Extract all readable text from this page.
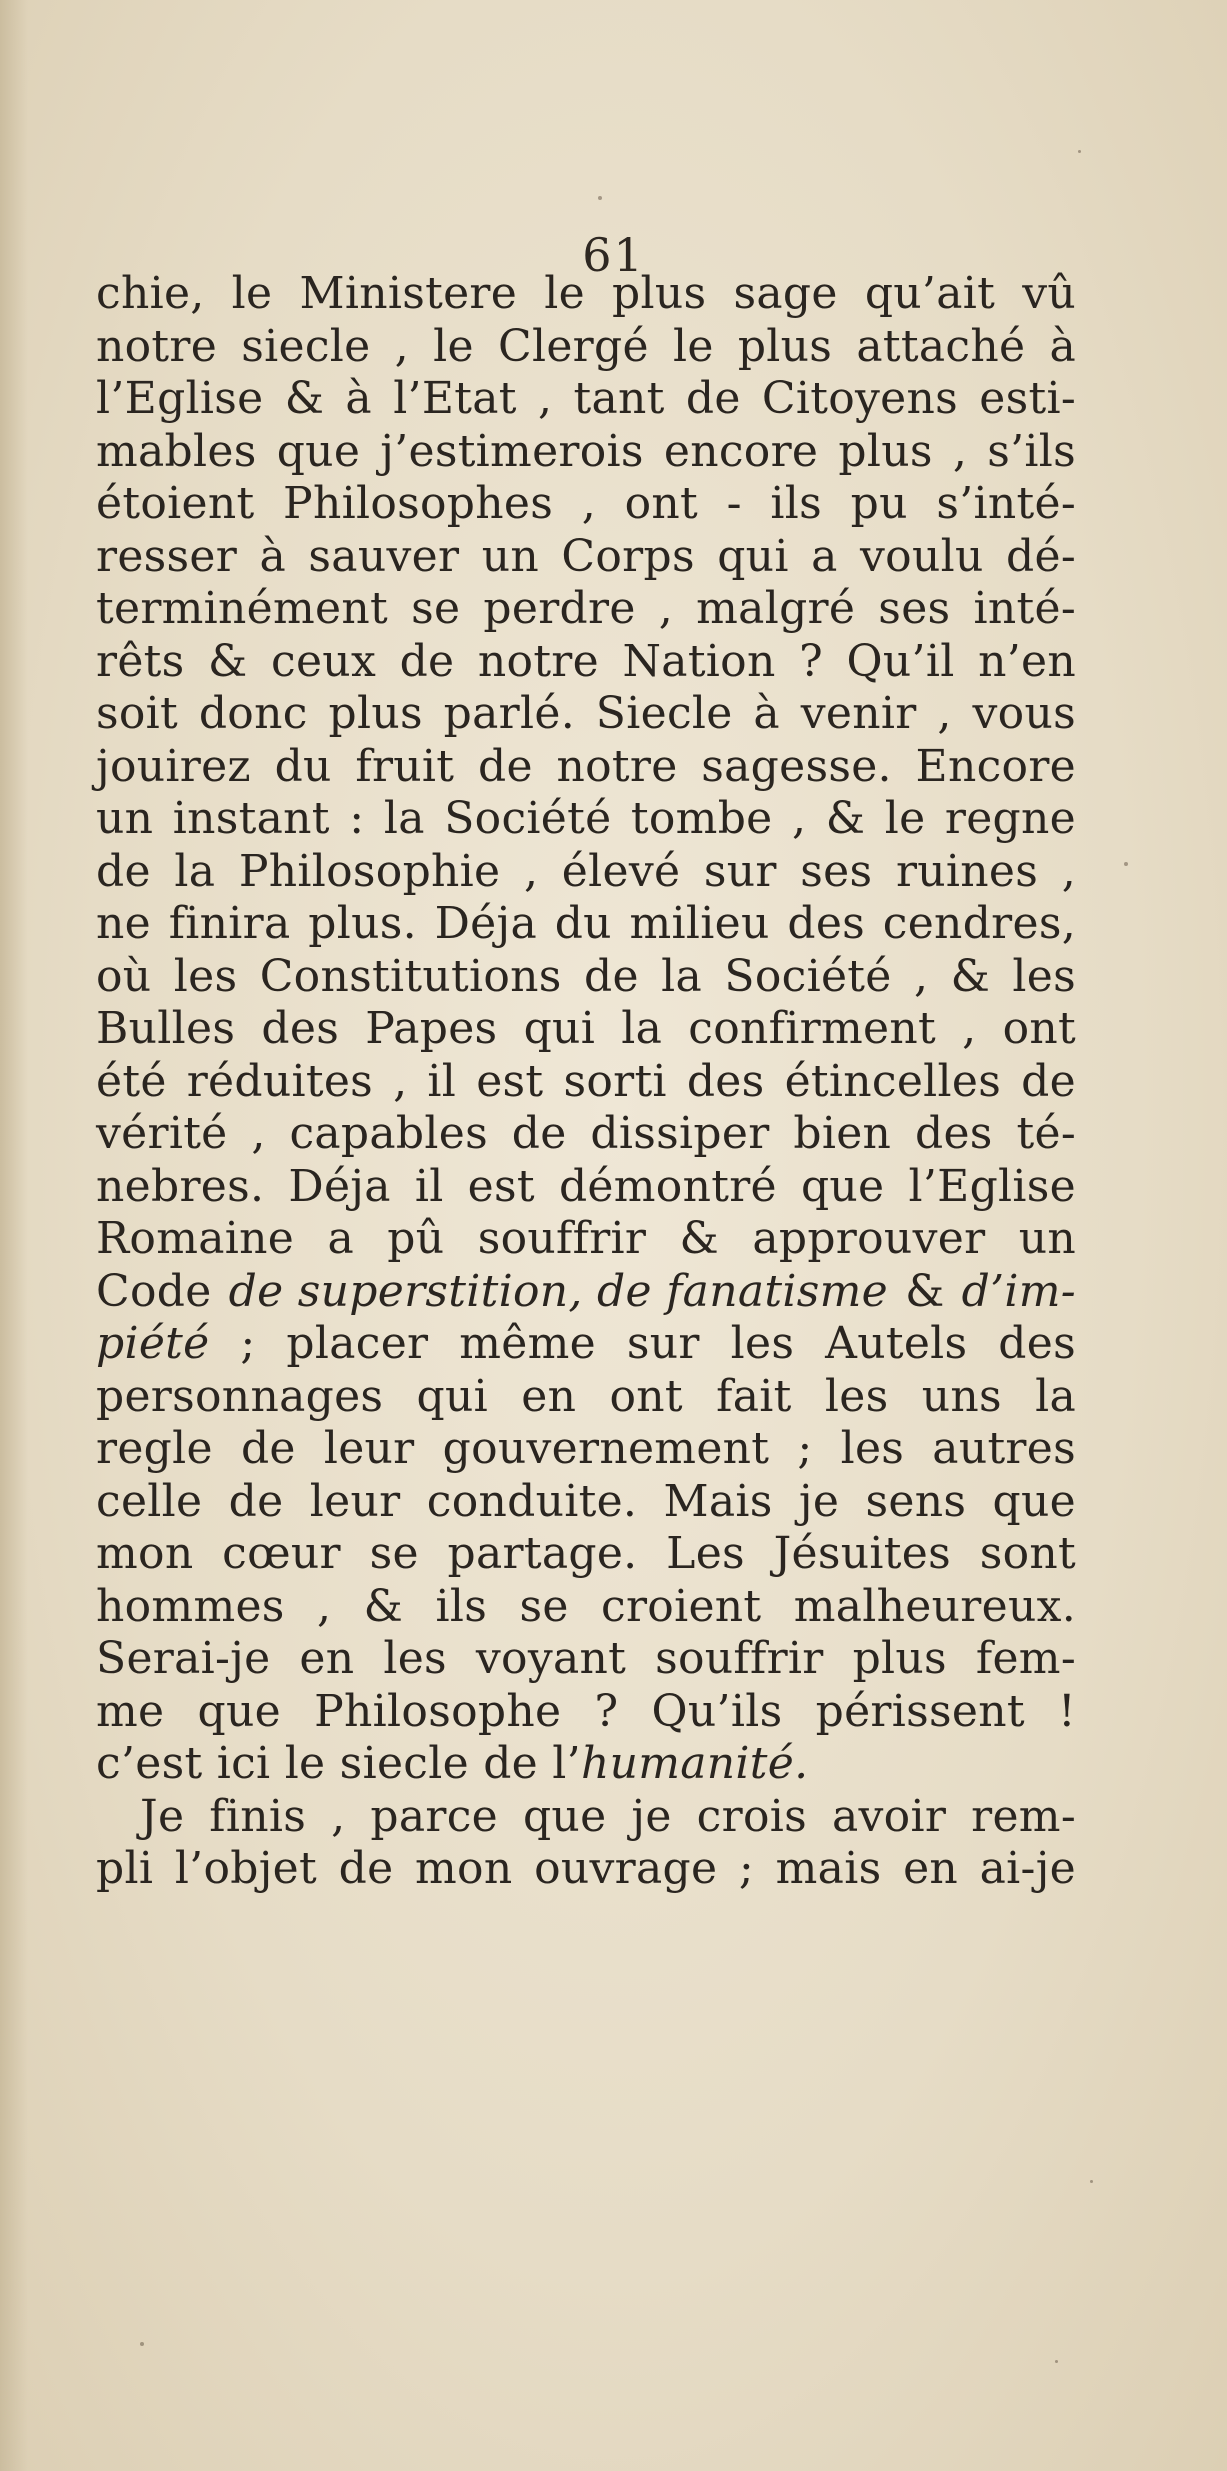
61
chie, le Ministere le plus sage qu’ait vû
notre siecle , le Clergé le plus attaché à
l’Eglise & à l’Etat , tant de Citoyens esti-
mables que j’estimerois encore plus , s’ils
étoient Philosophes , ont - ils pu s’inté-
resser à sauver un Corps qui a voulu dé-
terminément se perdre , malgré ses inté-
rêts & ceux de notre Nation ? Qu’il n’en
soit donc plus parlé. Siecle à venir , vous
jouirez du fruit de notre sagesse. Encore
un instant : la Société tombe , & le regne
de la Philosophie , élevé sur ses ruines ,
ne finira plus. Déja du milieu des cendres,
où les Constitutions de la Société , & les
Bulles des Papes qui la confirment , ont
été réduites , il est sorti des étincelles de
vérité , capables de dissiper bien des té-
nebres. Déja il est démontré que l’Eglise
Romaine a pû souffrir & approuver un
Code de superstition, de fanatisme & d’im-
piété ; placer même sur les Autels des
personnages qui en ont fait les uns la
regle de leur gouvernement ; les autres
celle de leur conduite. Mais je sens que
mon cœur se partage. Les Jésuites sont
hommes , & ils se croient malheureux.
Serai-je en les voyant souffrir plus fem-
me que Philosophe ? Qu’ils périssent !
c’est ici le siecle de l’humanité.
Je finis , parce que je crois avoir rem-
pli l’objet de mon ouvrage ; mais en ai-je
